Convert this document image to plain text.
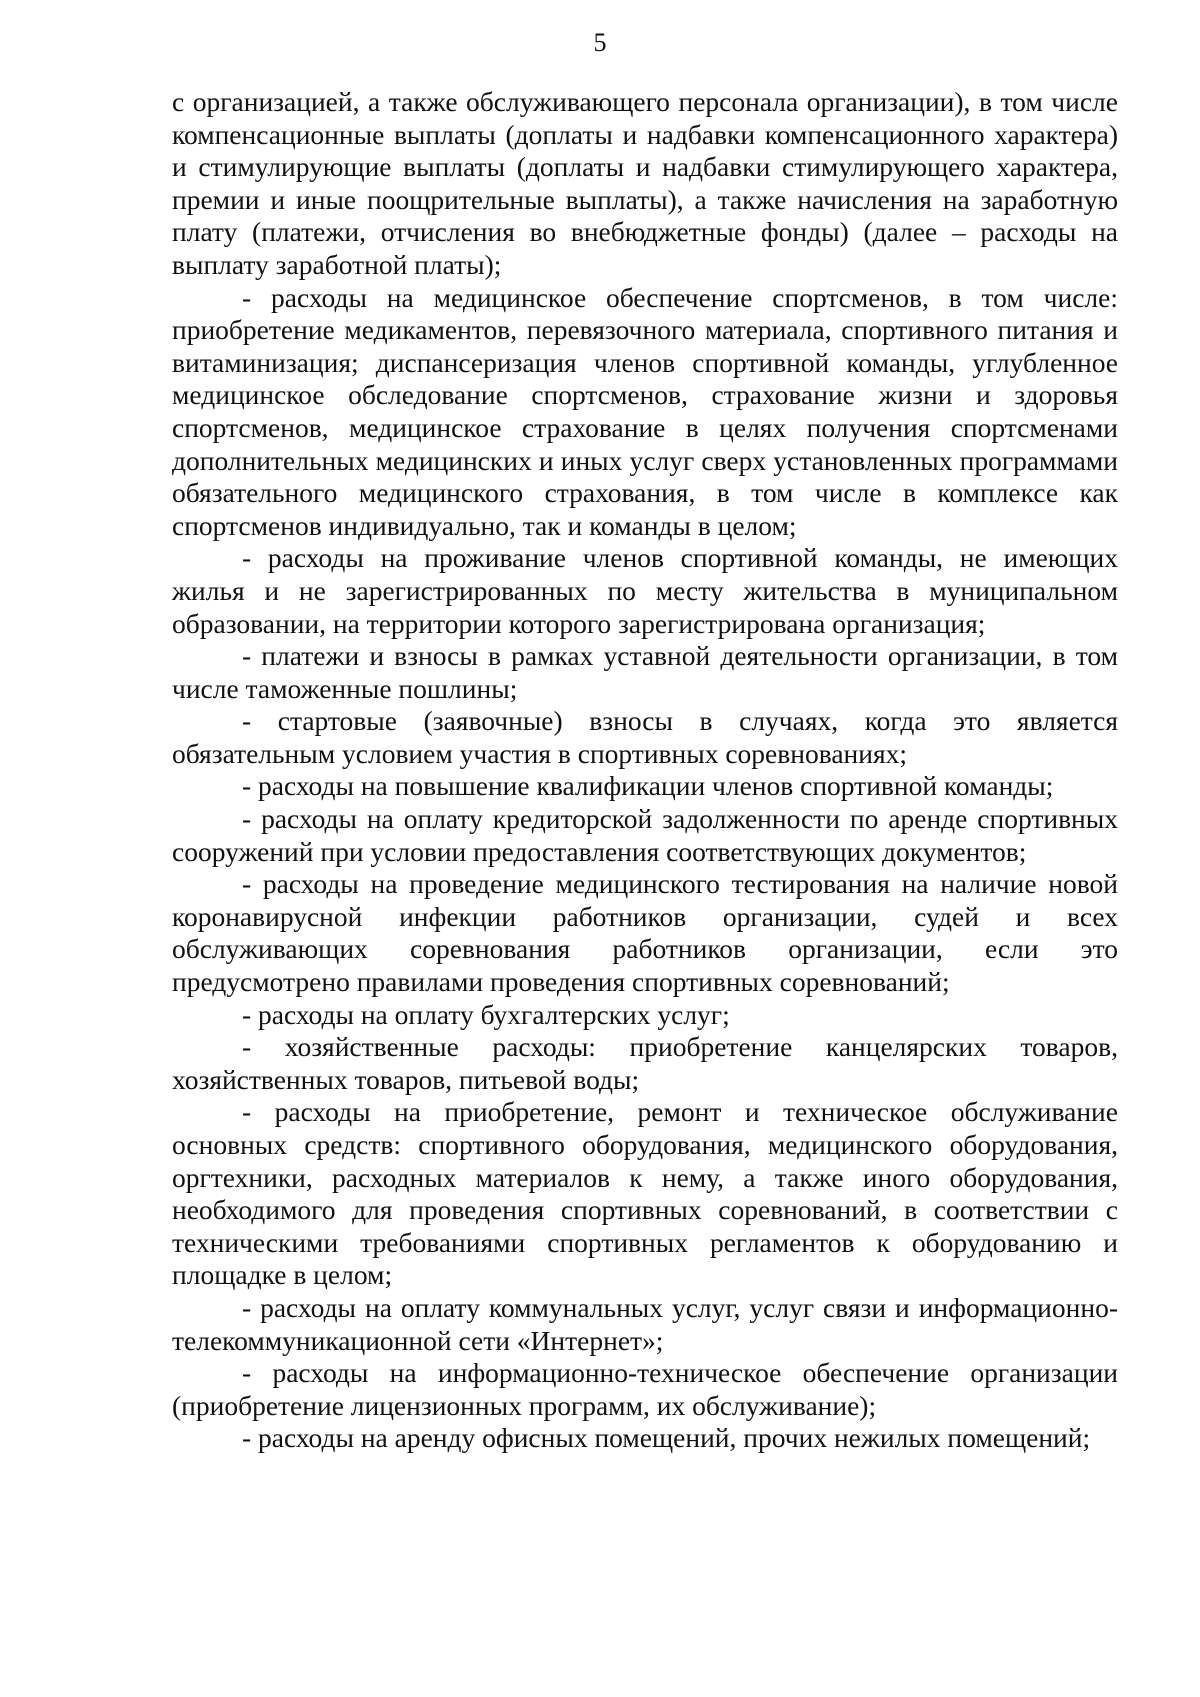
5

с организацией, а также обслуживающего персонала организации), в том числе компенсационные выплаты (доплаты и надбавки компенсационного характера) и стимулирующие выплаты (доплаты и надбавки стимулирующего характера, премии и иные поощрительные выплаты), а также начисления на заработную плату (платежи, отчисления во внебюджетные фонды) (далее – расходы на выплату заработной платы);

- расходы на медицинское обеспечение спортсменов, в том числе: приобретение медикаментов, перевязочного материала, спортивного питания и витаминизация; диспансеризация членов спортивной команды, углубленное медицинское обследование спортсменов, страхование жизни и здоровья спортсменов, медицинское страхование в целях получения спортсменами дополнительных медицинских и иных услуг сверх установленных программами обязательного медицинского страхования, в том числе в комплексе как спортсменов индивидуально, так и команды в целом;

- расходы на проживание членов спортивной команды, не имеющих жилья и не зарегистрированных по месту жительства в муниципальном образовании, на территории которого зарегистрирована организация;

- платежи и взносы в рамках уставной деятельности организации, в том числе таможенные пошлины;

- стартовые (заявочные) взносы в случаях, когда это является обязательным условием участия в спортивных соревнованиях;

- расходы на повышение квалификации членов спортивной команды;

- расходы на оплату кредиторской задолженности по аренде спортивных сооружений при условии предоставления соответствующих документов;

- расходы на проведение медицинского тестирования на наличие новой коронавирусной инфекции работников организации, судей и всех обслуживающих соревнования работников организации, если это предусмотрено правилами проведения спортивных соревнований;

- расходы на оплату бухгалтерских услуг;

- хозяйственные расходы: приобретение канцелярских товаров, хозяйственных товаров, питьевой воды;

- расходы на приобретение, ремонт и техническое обслуживание основных средств: спортивного оборудования, медицинского оборудования, оргтехники, расходных материалов к нему, а также иного оборудования, необходимого для проведения спортивных соревнований, в соответствии с техническими требованиями спортивных регламентов к оборудованию и площадке в целом;

- расходы на оплату коммунальных услуг, услуг связи и информационно-телекоммуникационной сети «Интернет»;

- расходы на информационно-техническое обеспечение организации (приобретение лицензионных программ, их обслуживание);

- расходы на аренду офисных помещений, прочих нежилых помещений;
